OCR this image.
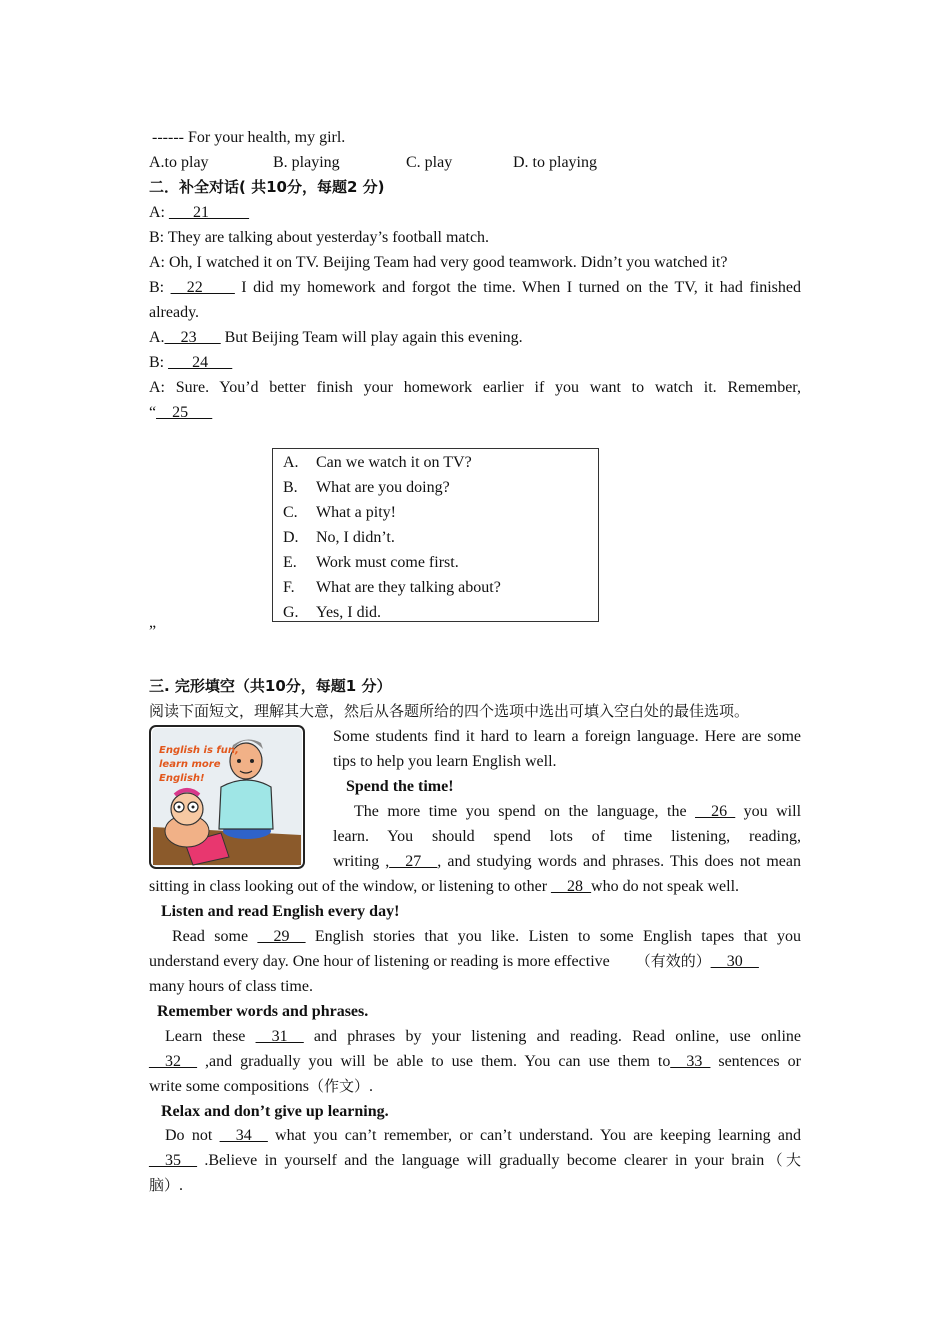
------ For your health, my girl.
A.to play	B. playing	C. play	D. to playing
二．补全对话( 共10分，每题2 分)
A: ___21_____
B: They are talking about yesterday’s football match.
A: Oh, I watched it on TV. Beijing Team had very good teamwork. Didn’t you watched it?
B: __22____ I did my homework and forgot the time. When I turned on the TV, it had finished
already.
A.__23___ But Beijing Team will play again this evening.
B: ___24___
A: Sure. You’d better finish your homework earlier if you want to watch it. Remember,
“__25___
A. Can we watch it on TV?
B. What are you doing?
C. What a pity!
D. No, I didn’t.
E. Work must come first.
F. What are they talking about?
G. Yes, I did.
”
三. 完形填空（共10分，每题1 分）
阅读下面短文，理解其大意，然后从各题所给的四个选项中选出可填入空白处的最佳选项。
English is fun,
learn more
English!
Some students find it hard to learn a foreign language. Here are some
tips to help you learn English well.
Spend the time!
The more time you spend on the language, the __26_ you will
learn. You should spend lots of time listening, reading,
writing ,__27__, and studying words and phrases. This does not mean
sitting in class looking out of the window, or listening to other __28_who do not speak well.
Listen and read English every day!
Read some __29__ English stories that you like. Listen to some English tapes that you
understand every day. One hour of listening or reading is more effective （有效的）__30__
many hours of class time.
Remember words and phrases.
Learn these __31__ and phrases by your listening and reading. Read online, use online
__32__ ,and gradually you will be able to use them. You can use them to__33_ sentences or
write some compositions（作文）.
Relax and don’t give up learning.
Do not __34__ what you can’t remember, or can’t understand. You are keeping learning and
__35__ .Believe in yourself and the language will gradually become clearer in your brain（大
脑）.
